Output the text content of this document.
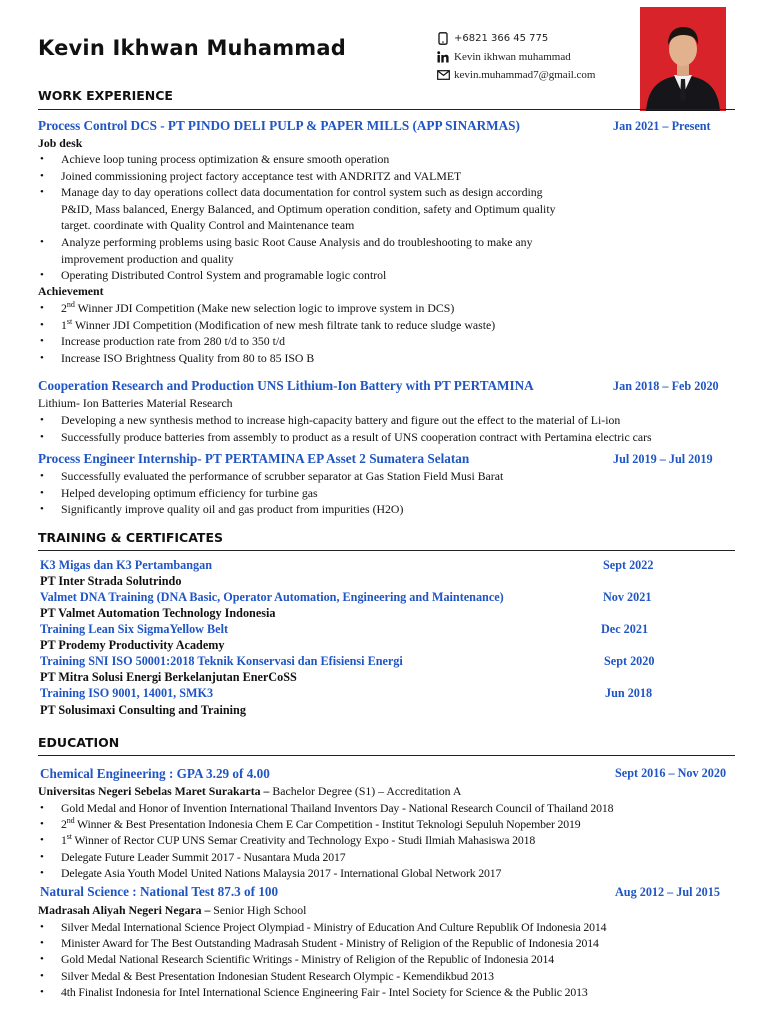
Kevin Ikhwan Muhammad	+6821 366 45 775
Kevin ikhwan muhammad
kevin.muhammad7@gmail.com
WORK EXPERIENCE
Process Control DCS - PT PINDO DELI PULP & PAPER MILLS (APP SINARMAS)	Jan 2021 – Present
Job desk
• Achieve loop tuning process optimization & ensure smooth operation
• Joined commissioning project factory acceptance test with ANDRITZ and VALMET
• Manage day to day operations collect data documentation for control system such as design according P&ID, Mass balanced, Energy Balanced, and Optimum operation condition, safety and Optimum quality target. coordinate with Quality Control and Maintenance team
• Analyze performing problems using basic Root Cause Analysis and do troubleshooting to make any improvement production and quality
• Operating Distributed Control System and programable logic control
Achievement
• 2nd Winner JDI Competition (Make new selection logic to improve system in DCS)
• 1st Winner JDI Competition (Modification of new mesh filtrate tank to reduce sludge waste)
• Increase production rate from 280 t/d to 350 t/d
• Increase ISO Brightness Quality from 80 to 85 ISO B
Cooperation Research and Production UNS Lithium-Ion Battery with PT PERTAMINA	Jan 2018 – Feb 2020
Lithium- Ion Batteries Material Research
• Developing a new synthesis method to increase high-capacity battery and figure out the effect to the material of Li-ion
• Successfully produce batteries from assembly to product as a result of UNS cooperation contract with Pertamina electric cars
Process Engineer Internship- PT PERTAMINA EP Asset 2 Sumatera Selatan	Jul 2019 – Jul 2019
• Successfully evaluated the performance of scrubber separator at Gas Station Field Musi Barat
• Helped developing optimum efficiency for turbine gas
• Significantly improve quality oil and gas product from impurities (H2O)
TRAINING & CERTIFICATES
K3 Migas dan K3 Pertambangan	Sept 2022
PT Inter Strada Solutrindo
Valmet DNA Training (DNA Basic, Operator Automation, Engineering and Maintenance)	Nov 2021
PT Valmet Automation Technology Indonesia
Training Lean Six SigmaYellow Belt	Dec 2021
PT Prodemy Productivity Academy
Training SNI ISO 50001:2018 Teknik Konservasi dan Efisiensi Energi	Sept 2020
PT Mitra Solusi Energi Berkelanjutan EnerCoSS
Training ISO 9001, 14001, SMK3	Jun 2018
PT Solusimaxi Consulting and Training
EDUCATION
Chemical Engineering : GPA 3.29 of 4.00	Sept 2016 – Nov 2020
Universitas Negeri Sebelas Maret Surakarta – Bachelor Degree (S1) – Accreditation A
• Gold Medal and Honor of Invention International Thailand Inventors Day - National Research Council of Thailand 2018
• 2nd Winner & Best Presentation Indonesia Chem E Car Competition - Institut Teknologi Sepuluh Nopember 2019
• 1st Winner of Rector CUP UNS Semar Creativity and Technology Expo - Studi Ilmiah Mahasiswa 2018
• Delegate Future Leader Summit 2017 - Nusantara Muda 2017
• Delegate Asia Youth Model United Nations Malaysia 2017 - International Global Network 2017
Natural Science : National Test 87.3 of 100	Aug 2012 – Jul 2015
Madrasah Aliyah Negeri Negara – Senior High School
• Silver Medal International Science Project Olympiad - Ministry of Education And Culture Republik Of Indonesia 2014
• Minister Award for The Best Outstanding Madrasah Student - Ministry of Religion of the Republic of Indonesia 2014
• Gold Medal National Research Scientific Writings - Ministry of Religion of the Republic of Indonesia 2014
• Silver Medal & Best Presentation Indonesian Student Research Olympic - Kemendikbud 2013
• 4th Finalist Indonesia for Intel International Science Engineering Fair - Intel Society for Science & the Public 2013
